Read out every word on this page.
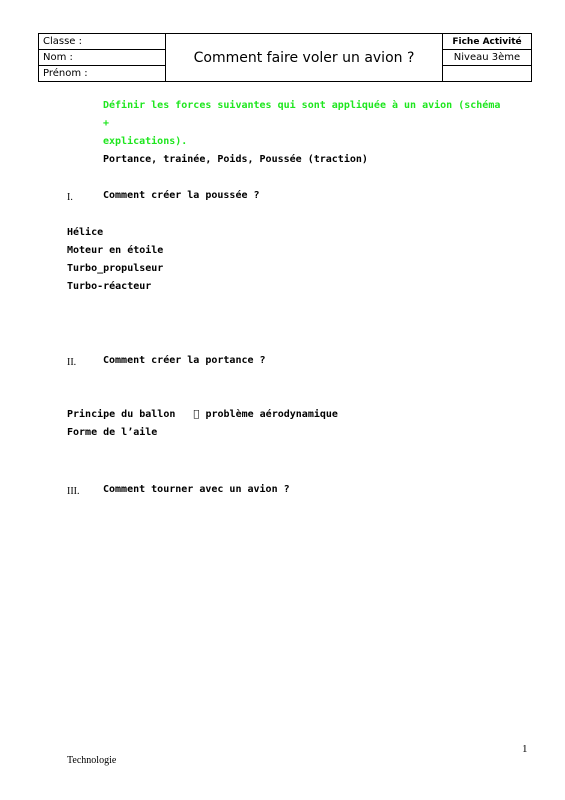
Classe :	Comment faire voler un avion ?	Fiche Activité
Nom :		Niveau 3ème
Prénom :		
Définir les forces suivantes qui sont appliquée à un avion (schéma +
explications).
Portance, trainée, Poids, Poussée (traction)
I.	Comment créer la poussée ?
Hélice
Moteur en étoile
Turbo_propulseur
Turbo-réacteur
II.	Comment créer la portance ?
Principe du ballon     problème aérodynamique
Forme de l’aile
III. Comment tourner avec un avion ?
1
Technologie
